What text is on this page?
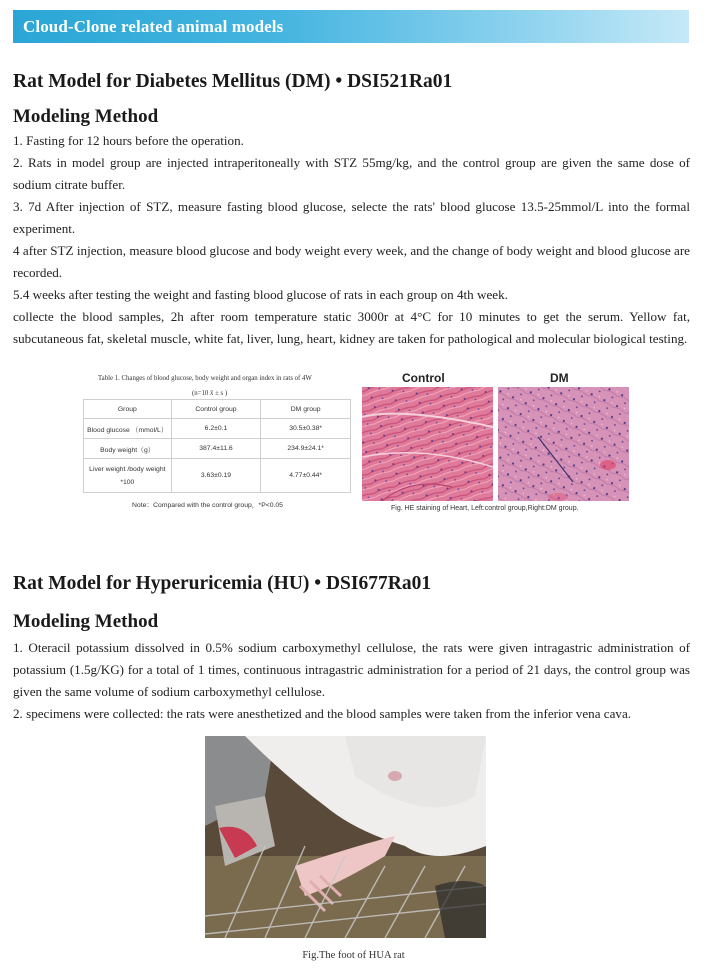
Cloud-Clone related animal models
Rat Model for Diabetes Mellitus (DM) • DSI521Ra01
Modeling Method
1. Fasting for 12 hours before the operation.
2. Rats in model group are injected intraperitoneally with STZ 55mg/kg, and the control group are given the same dose of sodium citrate buffer.
3. 7d After injection of STZ, measure fasting blood glucose, selecte the rats' blood glucose 13.5-25mmol/L into the formal experiment.
4 after STZ injection, measure blood glucose and body weight every week, and the change of body weight and blood glucose are recorded.
5.4 weeks after testing the weight and fasting blood glucose of rats in each group on 4th week.
collecte the blood samples, 2h after room temperature static 3000r at 4°C for 10 minutes to get the serum. Yellow fat, subcutaneous fat, skeletal muscle, white fat, liver, lung, heart, kidney are taken for pathological and molecular biological testing.
Table 1. Changes of blood glucose, body weight and organ index in rats of 4W
(n=10 x̄ ± s )
Group	Control group	DM group
Blood glucose （mmol/L）	6.2±0.1	30.5±0.38*
Body weight（g）	387.4±11.6	234.9±24.1*
Liver weight /body weight *100	3.63±0.19	4.77±0.44*
Note：Compared with the control group，*P<0.05
Control	DM
Fig. HE staining of Heart, Left:control group,Right:DM group.
Rat Model for Hyperuricemia (HU) • DSI677Ra01
Modeling Method
1. Oteracil potassium dissolved in 0.5% sodium carboxymethyl cellulose, the rats were given intragastric administration of potassium (1.5g/KG) for a total of 1 times, continuous intragastric administration for a period of 21 days, the control group was given the same volume of sodium carboxymethyl cellulose.
2. specimens were collected: the rats were anesthetized and the blood samples were taken from the inferior vena cava.
Fig.The foot of HUA rat
